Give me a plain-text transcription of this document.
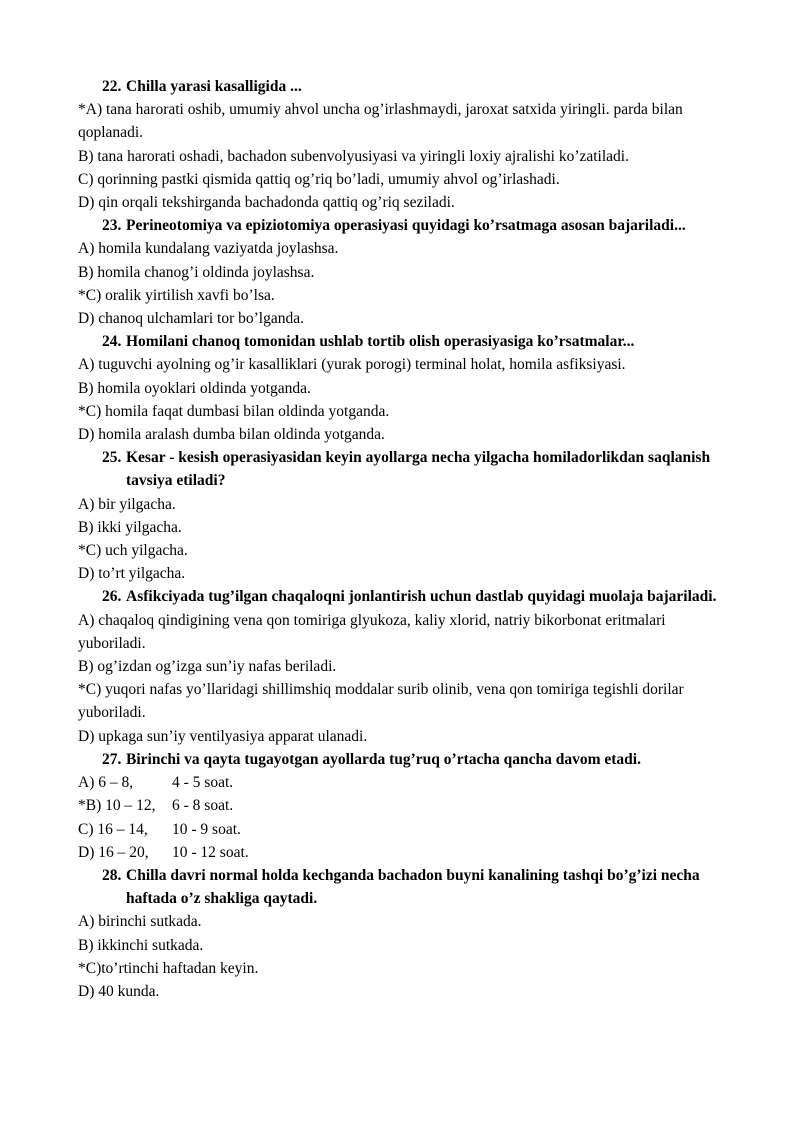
22. Chilla yarasi kasalligida ...

*A) tana harorati oshib, umumiy ahvol uncha og’irlashmaydi, jaroxat satxida yiringli. parda bilan qoplanadi.

B) tana harorati oshadi, bachadon subenvolyusiyasi va yiringli loxiy ajralishi ko’zatiladi.

C) qorinning pastki qismida qattiq og’riq bo’ladi, umumiy ahvol og’irlashadi.

D) qin orqali tekshirganda bachadonda qattiq og’riq seziladi.

23. Perineotomiya va epiziotomiya operasiyasi quyidagi ko’rsatmaga asosan bajariladi...

A) homila kundalang vaziyatda joylashsa.

B) homila chanog’i oldinda joylashsa.

*C) oralik yirtilish xavfi bo’lsa.

D) chanoq ulchamlari tor bo’lganda.

24. Homilani chanoq tomonidan ushlab tortib olish operasiyasiga ko’rsatmalar...

A) tuguvchi ayolning og’ir kasalliklari (yurak porogi) terminal holat, homila asfiksiyasi.

B) homila oyoklari oldinda yotganda.

*C) homila faqat dumbasi bilan oldinda yotganda.

D) homila aralash dumba bilan oldinda yotganda.

25. Kesar - kesish operasiyasidan keyin ayollarga necha yilgacha homiladorlikdan saqlanish tavsiya etiladi?

A) bir yilgacha.

B) ikki yilgacha.

*C) uch yilgacha.

D) to’rt yilgacha.

26. Asfikciyada tug’ilgan chaqaloqni jonlantirish uchun dastlab quyidagi muolaja bajariladi.

A) chaqaloq qindigining vena qon tomiriga glyukoza, kaliy xlorid, natriy bikorbonat eritmalari yuboriladi.

B) og’izdan og’izga sun’iy nafas beriladi.

*C) yuqori nafas yo’llaridagi shillimshiq moddalar surib olinib, vena qon tomiriga tegishli dorilar yuboriladi.

D) upkaga sun’iy ventilyasiya apparat ulanadi.

27. Birinchi va qayta tugayotgan ayollarda tug’ruq o’rtacha qancha davom etadi.

A) 6 – 8,	4 - 5 soat.

*B) 10 – 12, 6 - 8 soat.

C) 16 – 14, 10 - 9 soat.

D) 16 – 20, 10 - 12 soat.

28. Chilla davri normal holda kechganda bachadon buyni kanalining tashqi bo’g’izi necha haftada o’z shakliga qaytadi.

A) birinchi sutkada.

B) ikkinchi sutkada.

*C)to’rtinchi haftadan keyin.

D) 40 kunda.
